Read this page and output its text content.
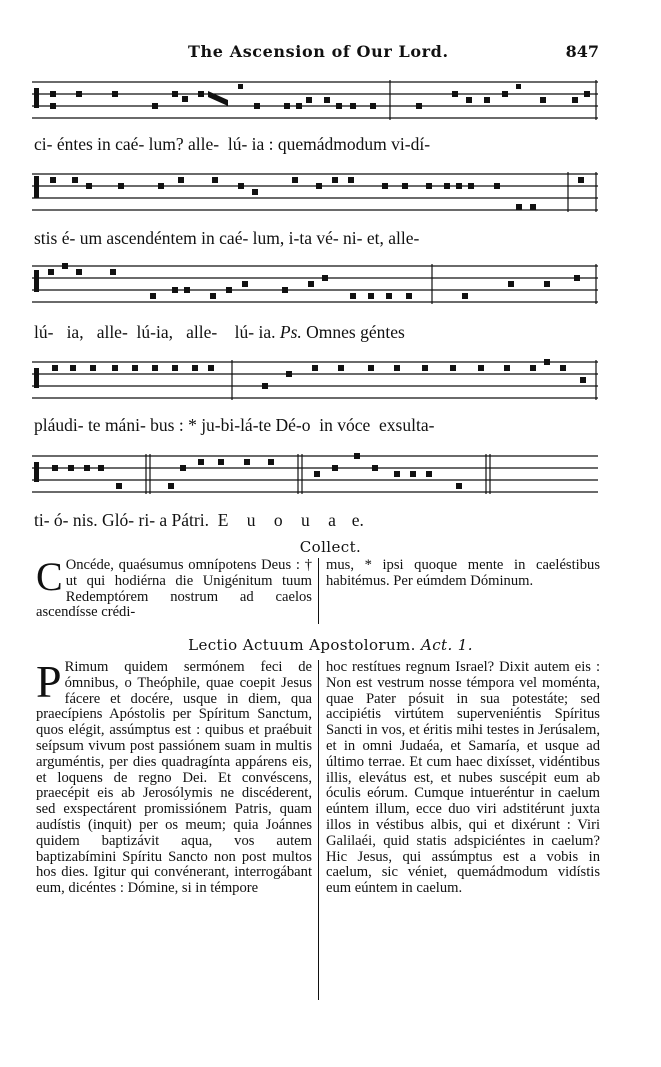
The Ascension of Our Lord.	847
ci- éntes in caé- lum? alle-  lú- ia : quemádmodum vi-dí-
stis é- um ascendéntem in caé- lum, i-ta vé- ni- et, alle-
lú-   ia,   alle-  lú-ia,   alle-    lú- ia. Ps. Omnes géntes
pláudi- te máni- bus : * ju-bi-lá-te Dé-o  in vóce  exsulta-
ti- ó- nis. Gló- ri- a Pátri.  E u o u a  e.
Collect.

C Oncéde, quaésumus omnípotens Deus : † ut qui hodiérna die Unigénitum tuum Redemptórem nostrum ad caelos ascendísse crédi-

mus, * ipsi quoque mente in caeléstibus habitémus. Per eúmdem Dóminum.

Lectio Actuum Apostolorum. Act. 1.

P Rimum quidem sermónem feci de ómnibus, o Theóphile, quae coepit Jesus fácere et docére, usque in diem, qua praecípiens Apóstolis per Spíritum Sanctum, quos elégit, assúmptus est : quibus et praébuit seípsum vivum post passiónem suam in multis arguméntis, per dies quadragínta appárens eis, et loquens de regno Dei. Et convéscens, praecépit eis ab Jerosólymis ne discéderent, sed exspectárent promissiónem Patris, quam audístis (inquit) per os meum; quia Joánnes quidem baptizávit aqua, vos autem baptizabímini Spíritu Sancto non post multos hos dies. Igitur qui convénerant, interrogábant eum, dicéntes : Dómine, si in témpore

hoc restítues regnum Israel? Dixit autem eis : Non est vestrum nosse témpora vel moménta, quae Pater pósuit in sua potestáte; sed accipiétis virtútem superveniéntis Spíritus Sancti in vos, et éritis mihi testes in Jerúsalem, et in omni Judaéa, et Samaría, et usque ad último terrae. Et cum haec dixísset, vidéntibus illis, elevátus est, et nubes suscépit eum ab óculis eórum. Cumque intueréntur in caelum eúntem illum, ecce duo viri adstitérunt juxta illos in véstibus albis, qui et dixérunt : Viri Galilaéi, quid statis adspiciéntes in caelum? Hic Jesus, qui assúmptus est a vobis in caelum, sic véniet, quemádmodum vidístis eum eúntem in caelum.
